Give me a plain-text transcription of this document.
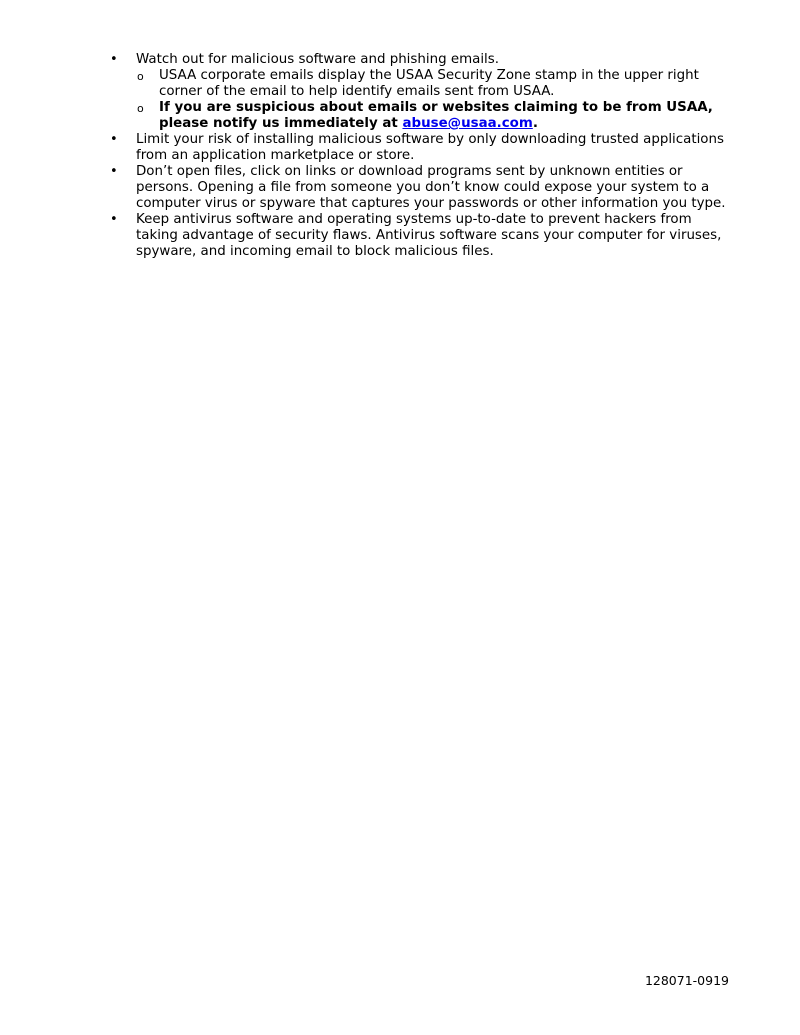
• Watch out for malicious software and phishing emails.
o USAA corporate emails display the USAA Security Zone stamp in the upper right corner of the email to help identify emails sent from USAA.
o If you are suspicious about emails or websites claiming to be from USAA, please notify us immediately at abuse@usaa.com.
• Limit your risk of installing malicious software by only downloading trusted applications from an application marketplace or store.
• Don’t open files, click on links or download programs sent by unknown entities or persons. Opening a file from someone you don’t know could expose your system to a computer virus or spyware that captures your passwords or other information you type.
• Keep antivirus software and operating systems up-to-date to prevent hackers from taking advantage of security flaws. Antivirus software scans your computer for viruses, spyware, and incoming email to block malicious files.
128071-0919
